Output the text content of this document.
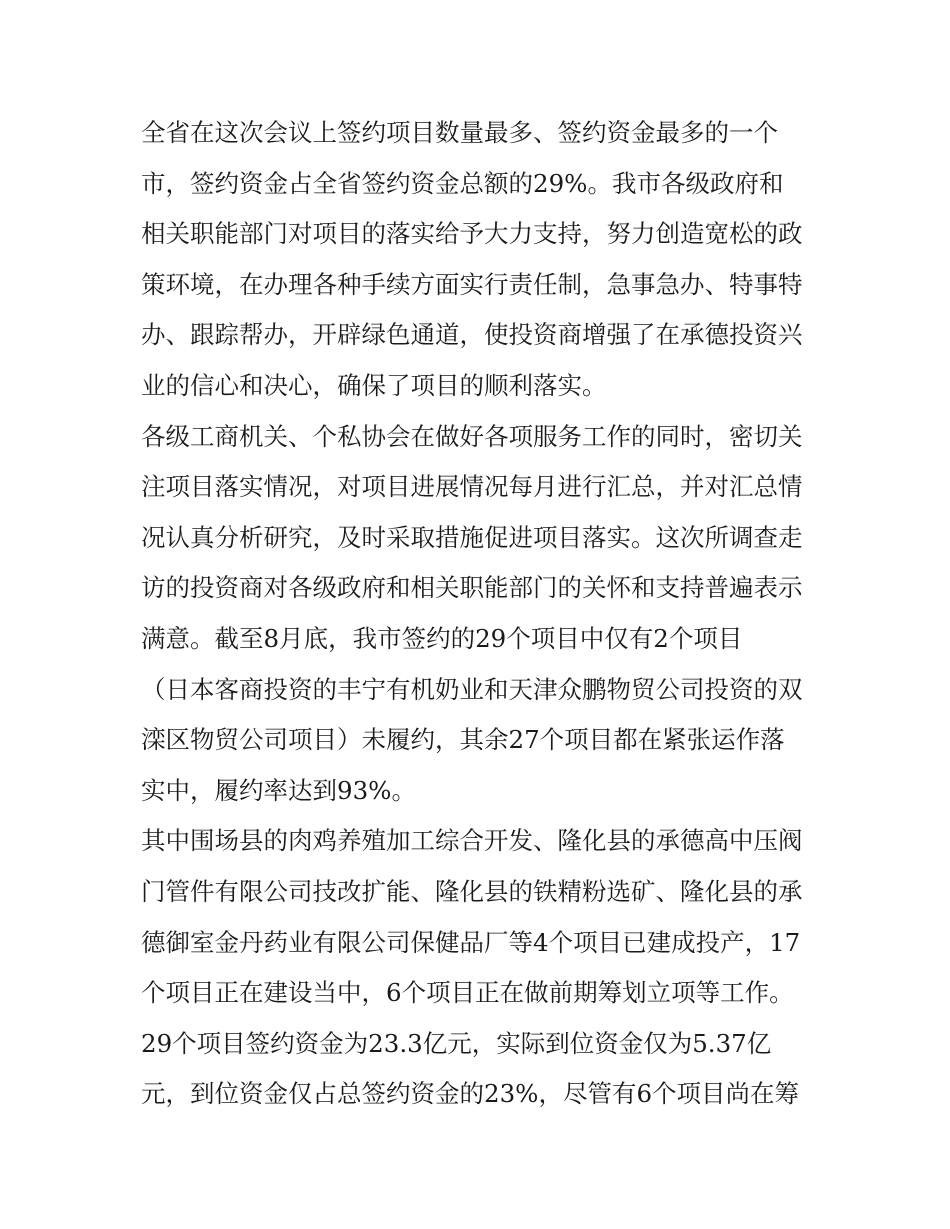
全省在这次会议上签约项目数量最多、签约资金最多的一个
市，签约资金占全省签约资金总额的29%。我市各级政府和
相关职能部门对项目的落实给予大力支持，努力创造宽松的政
策环境，在办理各种手续方面实行责任制，急事急办、特事特
办、跟踪帮办，开辟绿色通道，使投资商增强了在承德投资兴
业的信心和决心，确保了项目的顺利落实。
各级工商机关、个私协会在做好各项服务工作的同时，密切关
注项目落实情况，对项目进展情况每月进行汇总，并对汇总情
况认真分析研究，及时采取措施促进项目落实。这次所调查走
访的投资商对各级政府和相关职能部门的关怀和支持普遍表示
满意。截至8月底，我市签约的29个项目中仅有2个项目
（日本客商投资的丰宁有机奶业和天津众鹏物贸公司投资的双
滦区物贸公司项目）未履约，其余27个项目都在紧张运作落
实中，履约率达到93%。
其中围场县的肉鸡养殖加工综合开发、隆化县的承德高中压阀
门管件有限公司技改扩能、隆化县的铁精粉选矿、隆化县的承
德御室金丹药业有限公司保健品厂等4个项目已建成投产，17
个项目正在建设当中，6个项目正在做前期筹划立项等工作。
29个项目签约资金为23.3亿元，实际到位资金仅为5.37亿
元，到位资金仅占总签约资金的23%，尽管有6个项目尚在筹
